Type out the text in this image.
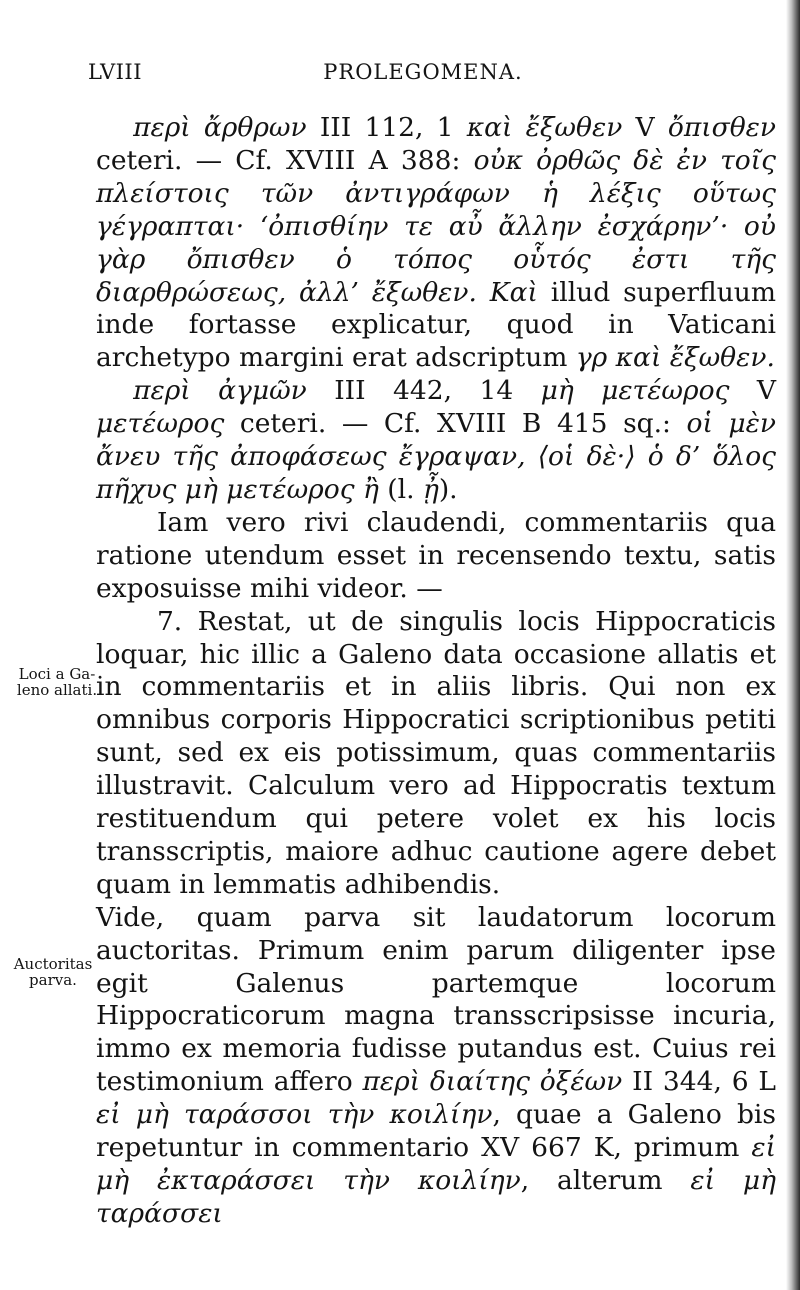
LVIII	PROLEGOMENA.

περὶ ἄρθρων III 112, 1 καὶ ἔξωθεν V ὄπισθεν ceteri. — Cf. XVIII A 388: οὐκ ὀρθῶς δὲ ἐν τοῖς πλείστοις τῶν ἀντιγράφων ἡ λέξις οὕτως γέγραπται· ‘ὀπισθίην τε αὖ ἄλλην ἐσχάρην’· οὐ γὰρ ὄπισθεν ὁ τόπος οὗτός ἐστι τῆς διαρθρώσεως, ἀλλ’ ἔξωθεν. Καὶ illud superfluum inde fortasse explicatur, quod in Vaticani archetypo margini erat adscriptum γρ καὶ ἔξωθεν.

περὶ ἀγμῶν III 442, 14 μὴ μετέωρος V μετέωρος ceteri. — Cf. XVIII B 415 sq.: οἱ μὲν ἄνευ τῆς ἀποφάσεως ἔγραψαν, ⟨οἱ δὲ·⟩ ὁ δ’ ὅλος πῆχυς μὴ μετέωρος ἢ (l. ᾖ).

Iam vero rivi claudendi, commentariis qua ratione utendum esset in recensendo textu, satis exposuisse mihi videor. —

7. Restat, ut de singulis locis Hippocraticis loquar, hic illic a Galeno data occasione allatis et in commentariis et in aliis libris. Qui non ex omnibus corporis Hippocratici scriptionibus petiti sunt, sed ex eis potissimum, quas commentariis illustravit. Calculum vero ad Hippocratis textum restituendum qui petere volet ex his locis transscriptis, maiore adhuc cautione agere debet quam in lemmatis adhibendis.

Vide, quam parva sit laudatorum locorum auctoritas. Primum enim parum diligenter ipse egit Galenus partemque locorum Hippocraticorum magna transscripsisse incuria, immo ex memoria fudisse putandus est. Cuius rei testimonium affero περὶ διαίτης ὀξέων II 344, 6 L εἰ μὴ ταράσσοι τὴν κοιλίην, quae a Galeno bis repetuntur in commentario XV 667 K, primum εἰ μὴ ἐκταράσσει τὴν κοιλίην, alterum εἰ μὴ ταράσσει

Loci a Ga-
leno allati.
Auctoritas
parva.
